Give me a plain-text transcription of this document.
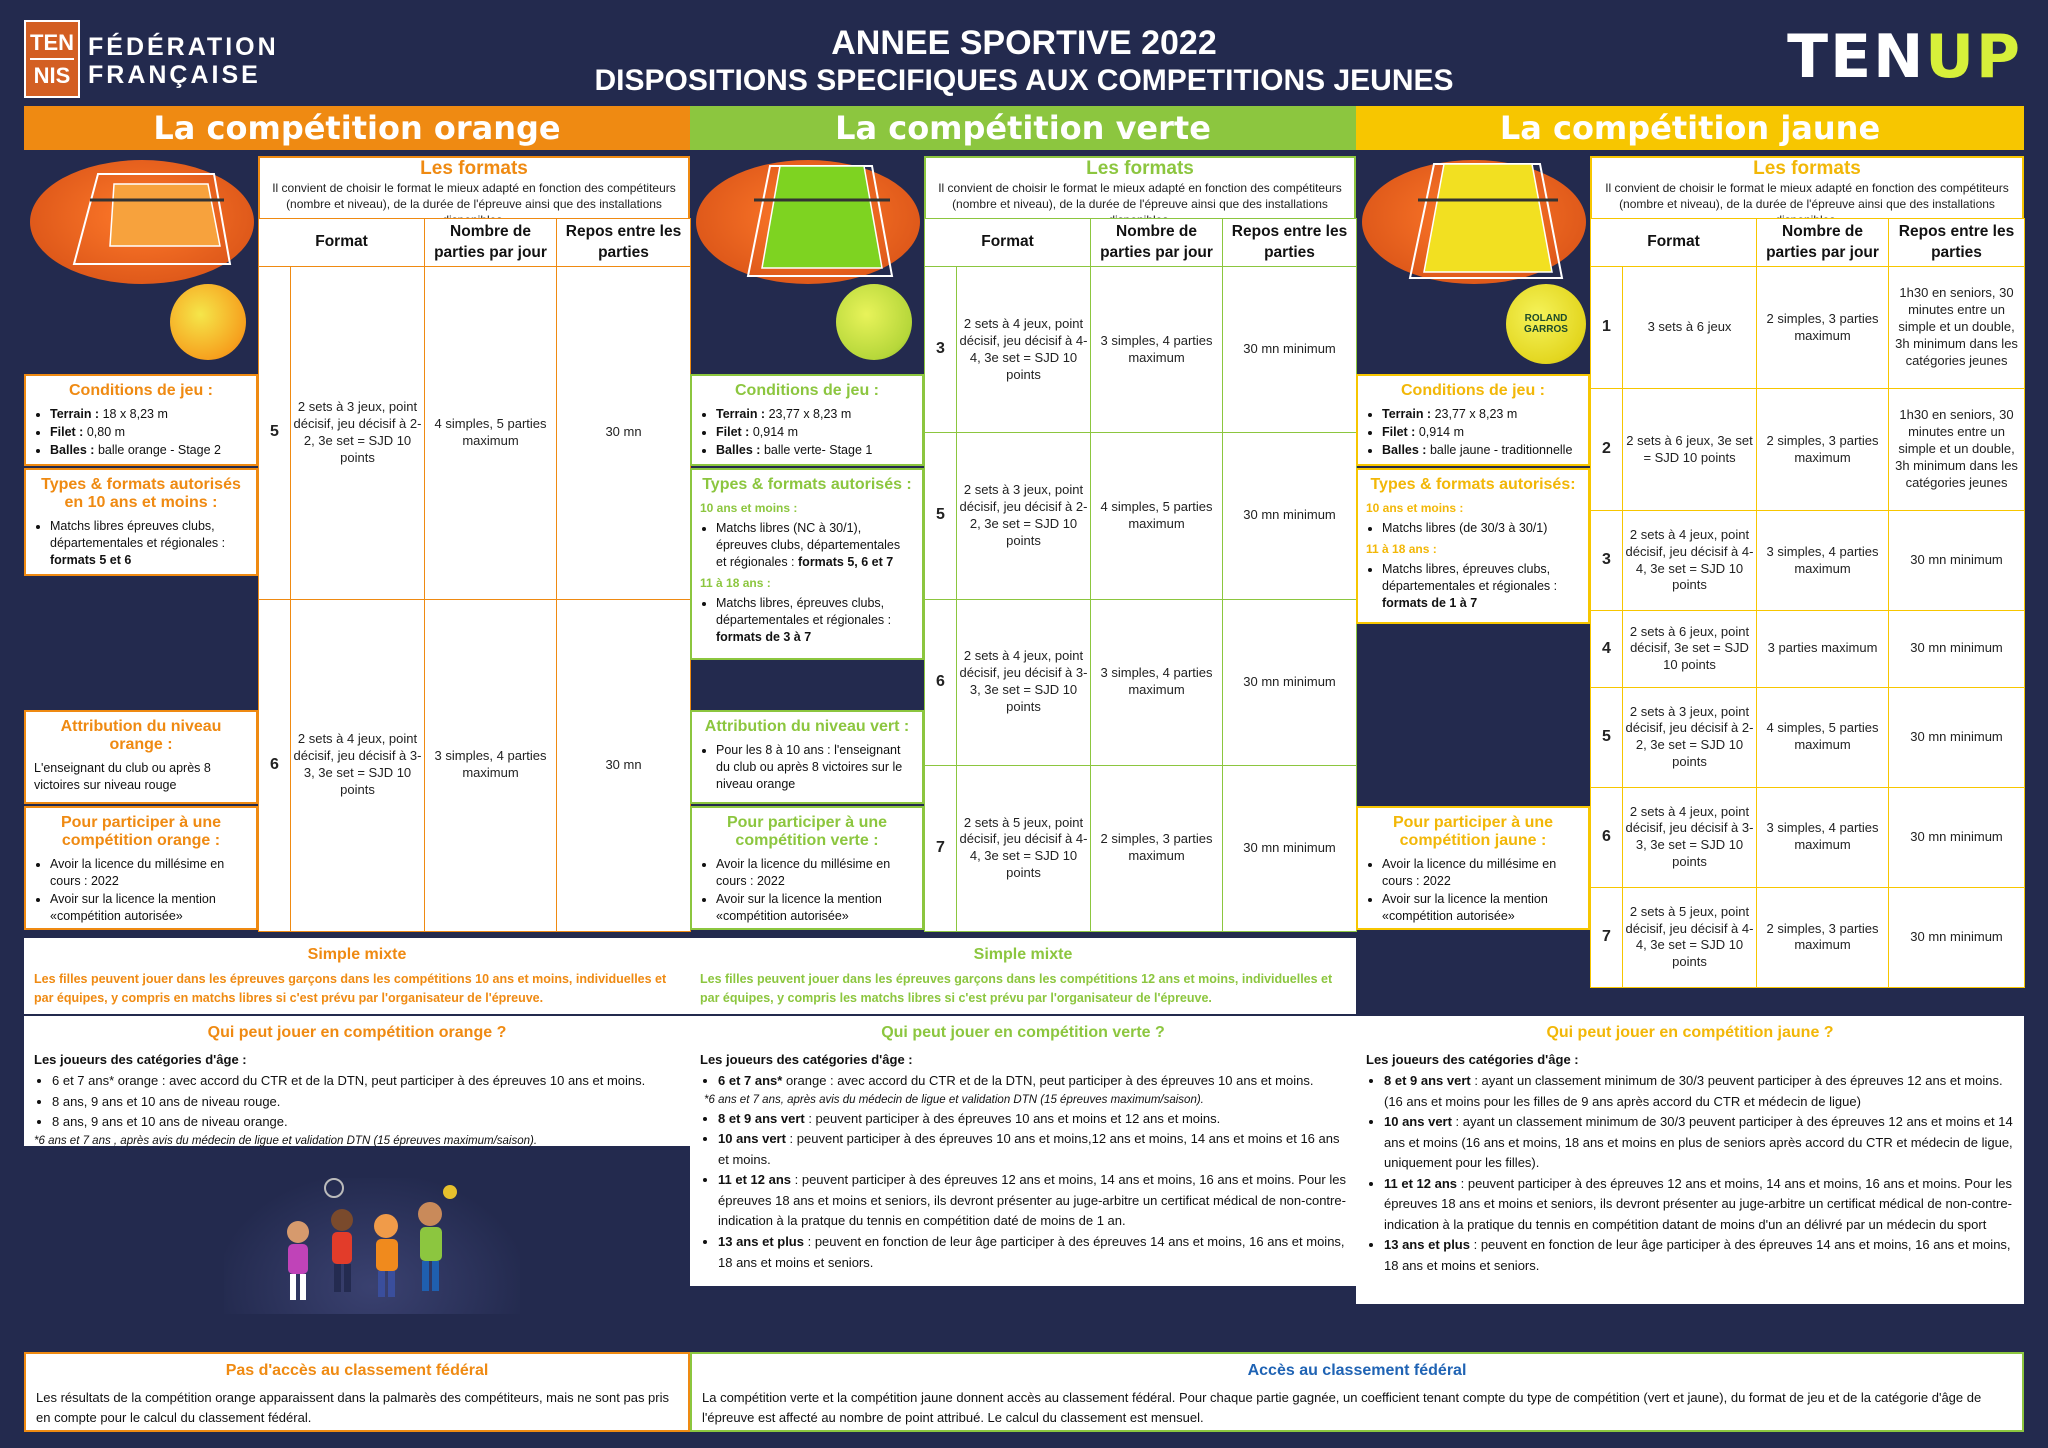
TEN
NIS
FÉDÉRATION
FRANÇAISE
ANNEE SPORTIVE 2022
DISPOSITIONS SPECIFIQUES AUX COMPETITIONS JEUNES	TENUP
La compétition orange	La compétition verte	La compétition jaune
Les formats
Il convient de choisir le format le mieux adapté en fonction des compétiteurs
(nombre et niveau), de la durée de l'épreuve ainsi que des installations
Format		Nombre de parties par jour	Repos entre les parties
5	2 sets à 3 jeux, point décisif, jeu décisif à 2-2, 3e set = SJD 10 points	4 simples, 5 parties maximum	30 mn
6	2 sets à 4 jeux, point décisif, jeu décisif à 3-3, 3e set = SJD 10 points	3 simples, 4 parties maximum	30 mn
Conditions de jeu :
• Terrain : 18 x 8,23 m
• Filet : 0,80 m
• Balles : balle orange - Stage 2
Types & formats autorisés en 10 ans et moins :
• Matchs libres épreuves clubs, départementales et régionales : formats 5 et 6
Attribution du niveau orange :
L'enseignant du club ou après 8 victoires sur niveau rouge
Pour participer à une compétition orange :
• Avoir la licence du millésime en cours : 2022
• Avoir sur la licence la mention «compétition autorisée»
Simple mixte

Les filles peuvent jouer dans les épreuves garçons dans les compétitions 10 ans et moins, individuelles et par équipes, y compris en matchs libres si c'est prévu par l'organisateur de l'épreuve.

Qui peut jouer en compétition orange ?
Les joueurs des catégories d'âge :
• 6 et 7 ans* orange : avec accord du CTR et de la DTN, peut participer à des épreuves 10 ans et moins.
• 8 ans, 9 ans et 10 ans de niveau rouge.
• 8 ans, 9 ans et 10 ans de niveau orange.
*6 ans et 7 ans , après avis du médecin de ligue et validation DTN (15 épreuves maximum/saison).
Pas d'accès au classement fédéral

Les résultats de la compétition orange apparaissent dans la palmarès des compétiteurs, mais ne sont pas pris en compte pour le calcul du classement fédéral.

Les formats
Il convient de choisir le format le mieux adapté en fonction des compétiteurs
(nombre et niveau), de la durée de l'épreuve ainsi que des installations
Format		Nombre de parties par jour	Repos entre les parties
3	2 sets à 4 jeux, point décisif, jeu décisif à 4-4, 3e set = SJD 10 points	3 simples, 4 parties maximum	30 mn minimum
5	2 sets à 3 jeux, point décisif, jeu décisif à 2-2, 3e set = SJD 10 points	4 simples, 5 parties maximum	30 mn minimum
6	2 sets à 4 jeux, point décisif, jeu décisif à 3-3, 3e set = SJD 10 points	3 simples, 4 parties maximum	30 mn minimum
7	2 sets à 5 jeux, point décisif, jeu décisif à 4-4, 3e set = SJD 10 points	2 simples, 3 parties maximum	30 mn minimum
Conditions de jeu :
• Terrain : 23,77 x 8,23 m
• Filet : 0,914 m
• Balles : balle verte- Stage 1
Types & formats autorisés :
10 ans et moins :
• Matchs libres (NC à 30/1), épreuves clubs, départementales et régionales : formats 5, 6 et 7
11 à 18 ans :
• Matchs libres, épreuves clubs, départementales et régionales : formats de 3 à 7
Attribution du niveau vert :
• Pour les 8 à 10 ans : l'enseignant du club ou après 8 victoires sur le niveau orange
Pour participer à une compétition verte :
• Avoir la licence du millésime en cours : 2022
• Avoir sur la licence la mention «compétition autorisée»
Simple mixte

Les filles peuvent jouer dans les épreuves garçons dans les compétitions 12 ans et moins, individuelles et par équipes, y compris les matchs libres si c'est prévu par l'organisateur de l'épreuve.

Qui peut jouer en compétition verte ?
Les joueurs des catégories d'âge :
• 6 et 7 ans* orange : avec accord du CTR et de la DTN, peut participer à des épreuves 10 ans et moins.
*6 ans et 7 ans, après avis du médecin de ligue et validation DTN (15 épreuves maximum/saison).
• 8 et 9 ans vert : peuvent participer à des épreuves 10 ans et moins et 12 ans et moins.
• 10 ans vert : peuvent participer à des épreuves 10 ans et moins,12 ans et moins, 14 ans et moins et 16 ans et moins.
• 11 et 12 ans : peuvent participer à des épreuves 12 ans et moins, 14 ans et moins, 16 ans et moins. Pour les épreuves 18 ans et moins et seniors, ils devront présenter au juge-arbitre un certificat médical de non-contre-indication à la pratque du tennis en compétition daté de moins de 1 an.
• 13 ans et plus : peuvent en fonction de leur âge participer à des épreuves 14 ans et moins, 16 ans et moins, 18 ans et moins et seniors.
ROLAND GARROS
Les formats
Il convient de choisir le format le mieux adapté en fonction des compétiteurs
(nombre et niveau), de la durée de l'épreuve ainsi que des installations
Format		Nombre de parties par jour	Repos entre les parties
1	3 sets à 6 jeux	2 simples, 3 parties maximum	1h30 en seniors, 30 minutes entre un simple et un double, 3h minimum dans les catégories jeunes
2	2 sets à 6 jeux, 3e set = SJD 10 points	2 simples, 3 parties maximum	1h30 en seniors, 30 minutes entre un simple et un double, 3h minimum dans les catégories jeunes
3	2 sets à 4 jeux, point décisif, jeu décisif à 4-4, 3e set = SJD 10 points	3 simples, 4 parties maximum	30 mn minimum
4	2 sets à 6 jeux, point décisif, 3e set = SJD 10 points	3 parties maximum	30 mn minimum
5	2 sets à 3 jeux, point décisif, jeu décisif à 2-2, 3e set = SJD 10 points	4 simples, 5 parties maximum	30 mn minimum
6	2 sets à 4 jeux, point décisif, jeu décisif à 3-3, 3e set = SJD 10 points	3 simples, 4 parties maximum	30 mn minimum
7	2 sets à 5 jeux, point décisif, jeu décisif à 4-4, 3e set = SJD 10 points	2 simples, 3 parties maximum	30 mn minimum
Conditions de jeu :
• Terrain : 23,77 x 8,23 m
• Filet : 0,914 m
• Balles : balle jaune - traditionnelle
Types & formats autorisés:
10 ans et moins :
• Matchs libres (de 30/3 à 30/1)
11 à 18 ans :
• Matchs libres, épreuves clubs, départementales et régionales : formats de 1 à 7
Pour participer à une compétition jaune :
• Avoir la licence du millésime en cours : 2022
• Avoir sur la licence la mention «compétition autorisée»
Qui peut jouer en compétition jaune ?
Les joueurs des catégories d'âge :
• 8 et 9 ans vert : ayant un classement minimum de 30/3 peuvent participer à des épreuves 12 ans et moins. (16 ans et moins pour les filles de 9 ans après accord du CTR et médecin de ligue)
• 10 ans vert : ayant un classement minimum de 30/3 peuvent participer à des épreuves 12 ans et moins et 14 ans et moins (16 ans et moins, 18 ans et moins en plus de seniors après accord du CTR et médecin de ligue, uniquement pour les filles).
• 11 et 12 ans : peuvent participer à des épreuves 12 ans et moins, 14 ans et moins, 16 ans et moins. Pour les épreuves 18 ans et moins et seniors, ils devront présenter au juge-arbitre un certificat médical de non-contre-indication à la pratique du tennis en compétition datant de moins d'un an délivré par un médecin du sport
• 13 ans et plus : peuvent en fonction de leur âge participer à des épreuves 14 ans et moins, 16 ans et moins, 18 ans et moins et seniors.
Accès au classement fédéral

La compétition verte et la compétition jaune donnent accès au classement fédéral. Pour chaque partie gagnée, un coefficient tenant compte du type de compétition (vert et jaune), du format de jeu et de la catégorie d'âge de l'épreuve est affecté au nombre de point attribué. Le calcul du classement est mensuel.
